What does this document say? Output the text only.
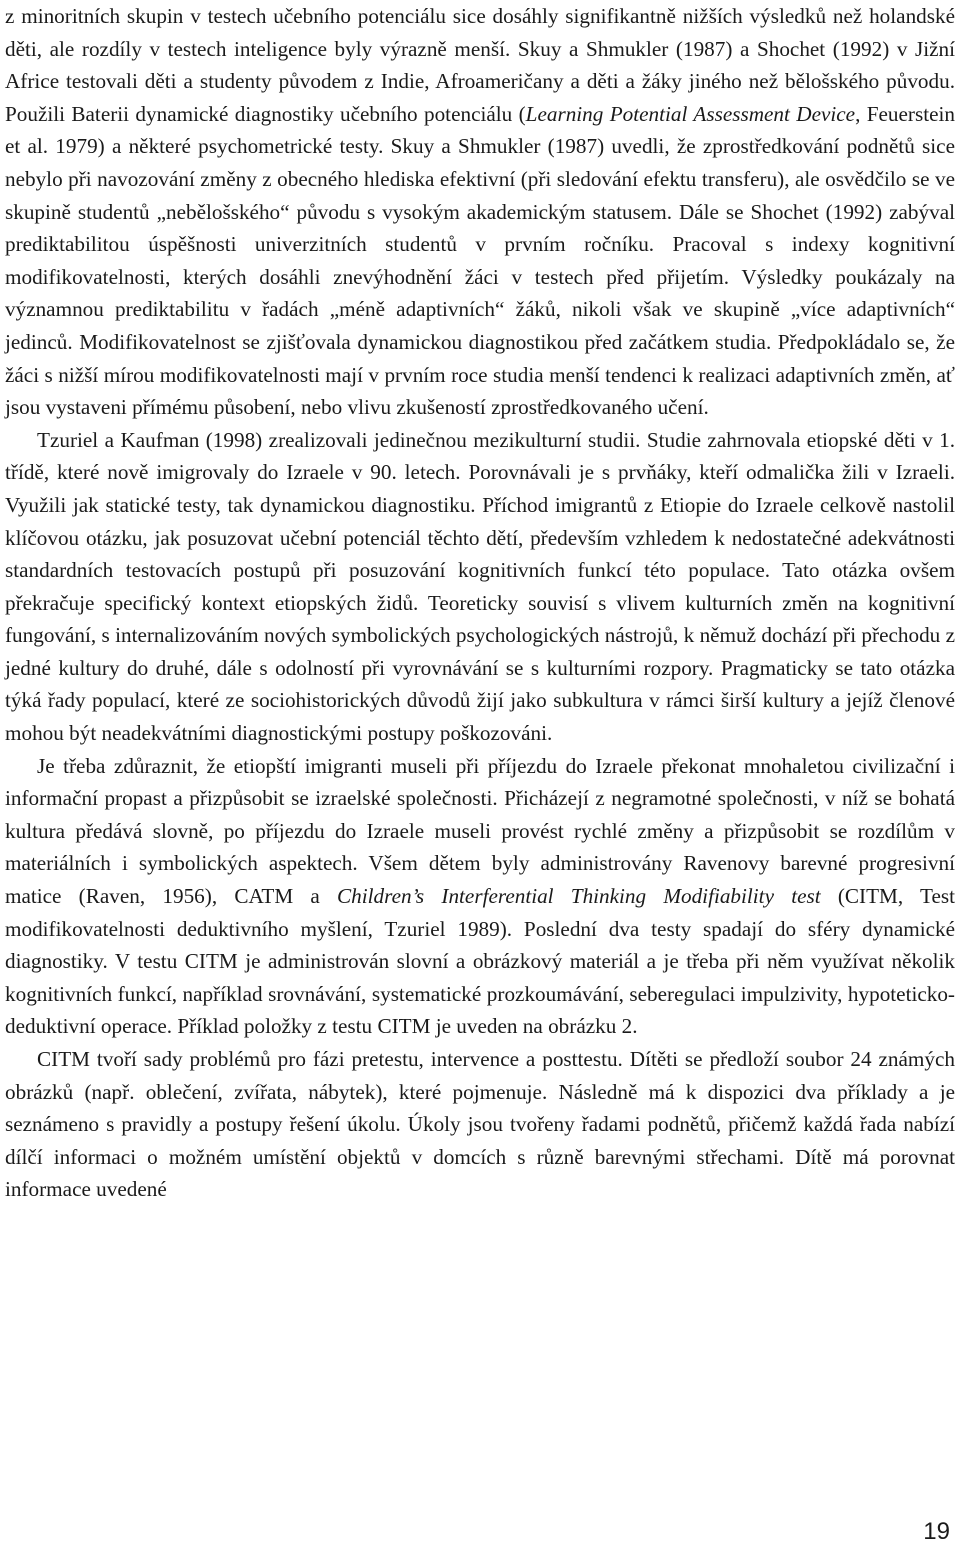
z minoritních skupin v testech učebního potenciálu sice dosáhly signifikantně nižších výsledků než holandské děti, ale rozdíly v testech inteligence byly výrazně menší. Skuy a Shmukler (1987) a Shochet (1992) v Jižní Africe testovali děti a studenty původem z Indie, Afroameričany a děti a žáky jiného než bělošského původu. Použili Baterii dynamické diagnostiky učebního potenciálu (Learning Potential Assessment Device, Feuerstein et al. 1979) a některé psychometrické testy. Skuy a Shmukler (1987) uvedli, že zprostředkování podnětů sice nebylo při navozování změny z obecného hlediska efektivní (při sledování efektu transferu), ale osvědčilo se ve skupině studentů „nebělošského“ původu s vysokým akademickým statusem. Dále se Shochet (1992) zabýval prediktabilitou úspěšnosti univerzitních studentů v prvním ročníku. Pracoval s indexy kognitivní modifikovatelnosti, kterých dosáhli znevýhodnění žáci v testech před přijetím. Výsledky poukázaly na významnou prediktabilitu v řadách „méně adaptivních“ žáků, nikoli však ve skupině „více adaptivních“ jedinců. Modifikovatelnost se zjišťovala dynamickou diagnostikou před začátkem studia. Předpokládalo se, že žáci s nižší mírou modifikovatelnosti mají v prvním roce studia menší tendenci k realizaci adaptivních změn, ať jsou vystaveni přímému působení, nebo vlivu zkušeností zprostředkovaného učení.

Tzuriel a Kaufman (1998) zrealizovali jedinečnou mezikulturní studii. Studie zahrnovala etiopské děti v 1. třídě, které nově imigrovaly do Izraele v 90. letech. Porovnávali je s prvňáky, kteří odmalička žili v Izraeli. Využili jak statické testy, tak dynamickou diagnostiku. Příchod imigrantů z Etiopie do Izraele celkově nastolil klíčovou otázku, jak posuzovat učební potenciál těchto dětí, především vzhledem k nedostatečné adekvátnosti standardních testovacích postupů při posuzování kognitivních funkcí této populace. Tato otázka ovšem překračuje specifický kontext etiopských židů. Teoreticky souvisí s vlivem kulturních změn na kognitivní fungování, s internalizováním nových symbolických psychologických nástrojů, k němuž dochází při přechodu z jedné kultury do druhé, dále s odolností při vyrovnávání se s kulturními rozpory. Pragmaticky se tato otázka týká řady populací, které ze sociohistorických důvodů žijí jako subkultura v rámci širší kultury a jejíž členové mohou být neadekvátními diagnostickými postupy poškozováni.

Je třeba zdůraznit, že etiopští imigranti museli při příjezdu do Izraele překonat mnohaletou civilizační i informační propast a přizpůsobit se izraelské společnosti. Přicházejí z negramotné společnosti, v níž se bohatá kultura předává slovně, po příjezdu do Izraele museli provést rychlé změny a přizpůsobit se rozdílům v materiálních i symbolických aspektech. Všem dětem byly administrovány Ravenovy barevné progresivní matice (Raven, 1956), CATM a Children’s Interferential Thinking Modifiability test (CITM, Test modifikovatelnosti deduktivního myšlení, Tzuriel 1989). Poslední dva testy spadají do sféry dynamické diagnostiky. V testu CITM je administrován slovní a obrázkový materiál a je třeba při něm využívat několik kognitivních funkcí, například srovnávání, systematické prozkoumávání, seberegulaci impulzivity, hypoteticko-deduktivní operace. Příklad položky z testu CITM je uveden na obrázku 2.

CITM tvoří sady problémů pro fázi pretestu, intervence a posttestu. Dítěti se předloží soubor 24 známých obrázků (např. oblečení, zvířata, nábytek), které pojmenuje. Následně má k dispozici dva příklady a je seznámeno s pravidly a postupy řešení úkolu. Úkoly jsou tvořeny řadami podnětů, přičemž každá řada nabízí dílčí informaci o možném umístění objektů v domcích s různě barevnými střechami. Dítě má porovnat informace uvedené

19
